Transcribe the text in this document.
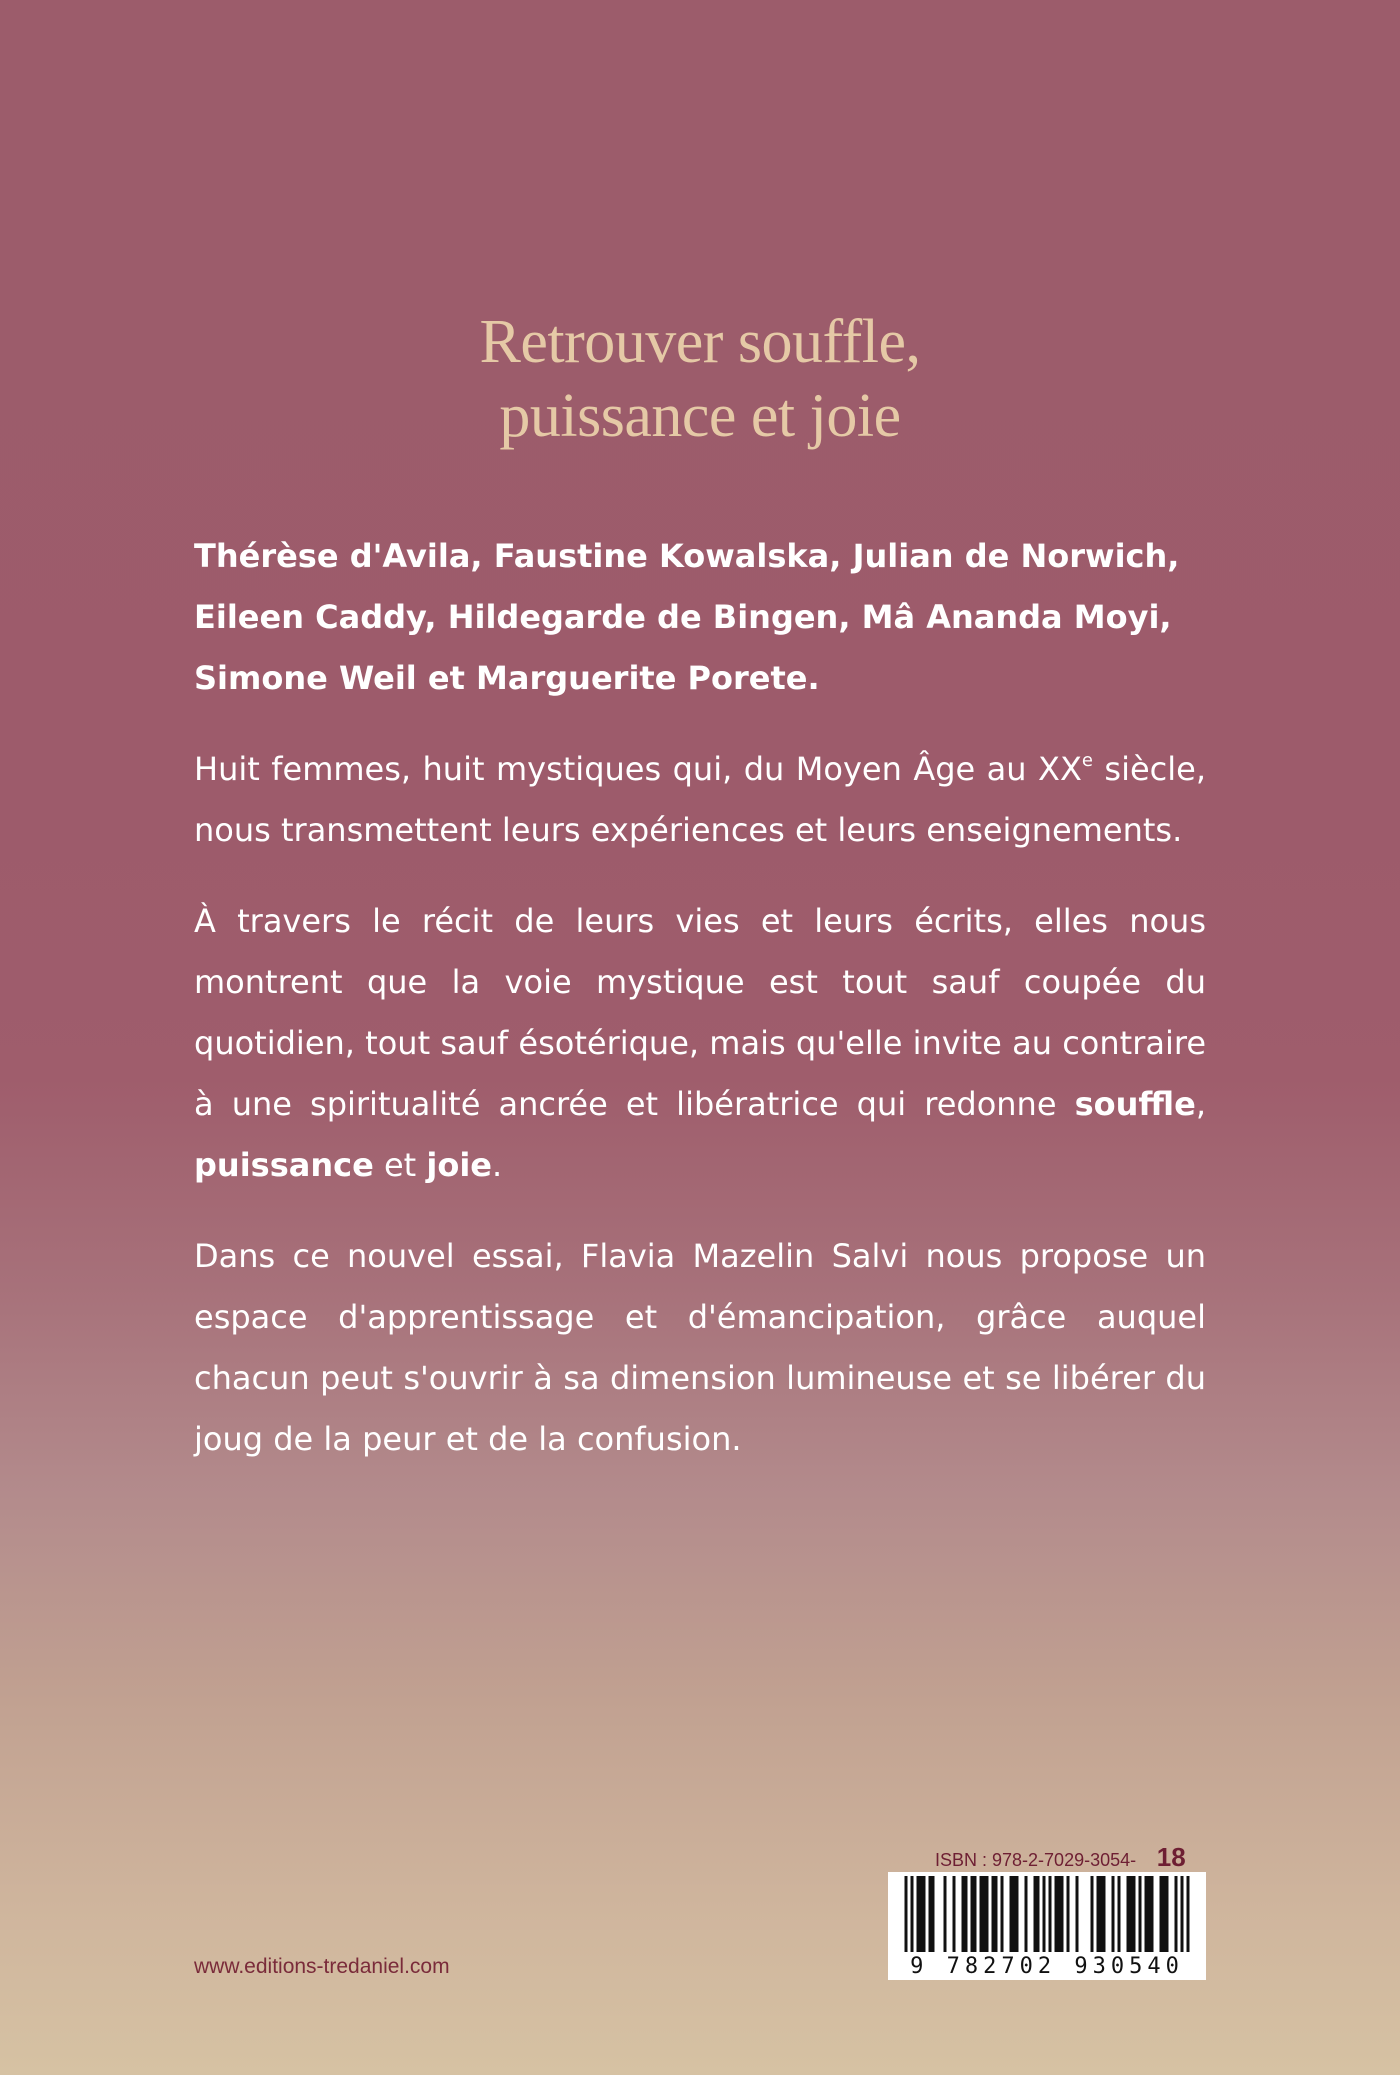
Retrouver souffle,
puissance et joie

Thérèse d'Avila, Faustine Kowalska, Julian de Norwich, Eileen Caddy, Hildegarde de Bingen, Mâ Ananda Moyi, Simone Weil et Marguerite Porete.

Huit femmes, huit mystiques qui, du Moyen Âge au XXe siècle, nous transmettent leurs expériences et leurs enseignements.

À travers le récit de leurs vies et leurs écrits, elles nous montrent que la voie mystique est tout sauf coupée du quotidien, tout sauf ésotérique, mais qu'elle invite au contraire à une spiritualité ancrée et libératrice qui redonne souffle, puissance et joie.

Dans ce nouvel essai, Flavia Mazelin Salvi nous propose un espace d'apprentissage et d'émancipation, grâce auquel chacun peut s'ouvrir à sa dimension lumineuse et se libérer du joug de la peur et de la confusion.

www.editions-tredaniel.com
ISBN : 978-2-7029-3054- 18
9 782702 930540
